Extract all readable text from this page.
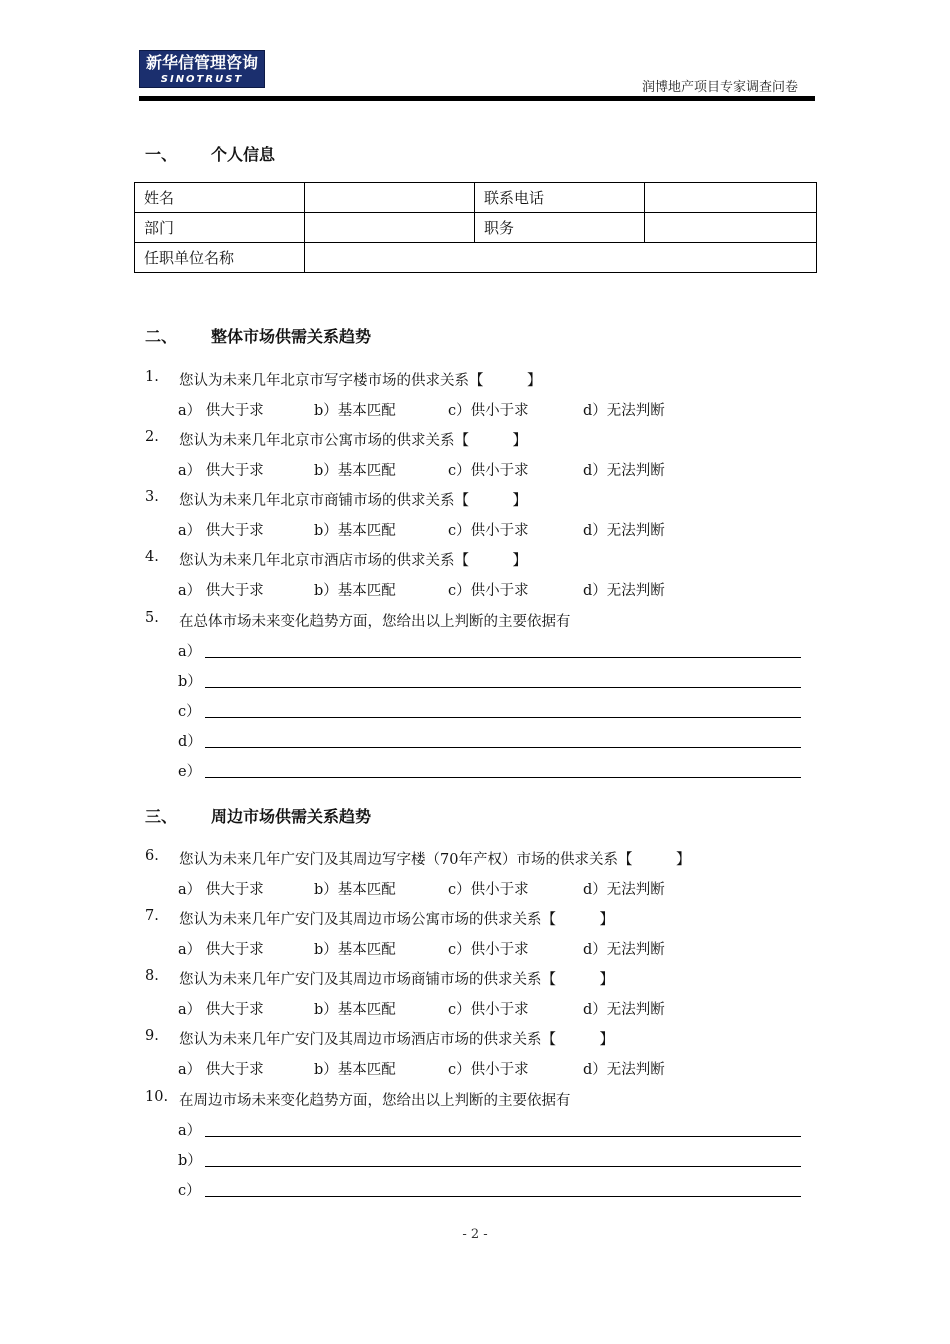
新华信管理咨询
SINOTRUST
润博地产项目专家调查问卷
一、 个人信息
姓名		联系电话	
部门		职务	
任职单位名称			
二、 整体市场供需关系趋势
1. 您认为未来几年北京市写字楼市场的供求关系【　　　】
a） 供大于求	b）基本匹配	c）供小于求	d）无法判断
2. 您认为未来几年北京市公寓市场的供求关系【　　　】
a） 供大于求	b）基本匹配	c）供小于求	d）无法判断
3. 您认为未来几年北京市商铺市场的供求关系【　　　】
a） 供大于求	b）基本匹配	c）供小于求	d）无法判断
4. 您认为未来几年北京市酒店市场的供求关系【　　　】
a） 供大于求	b）基本匹配	c）供小于求	d）无法判断
5. 在总体市场未来变化趋势方面，您给出以上判断的主要依据有
a）
b）
c）
d）
e）
三、 周边市场供需关系趋势
6. 您认为未来几年广安门及其周边写字楼（70年产权）市场的供求关系【　　　】
a） 供大于求	b）基本匹配	c）供小于求	d）无法判断
7. 您认为未来几年广安门及其周边市场公寓市场的供求关系【　　　】
a） 供大于求	b）基本匹配	c）供小于求	d）无法判断
8. 您认为未来几年广安门及其周边市场商铺市场的供求关系【　　　】
a） 供大于求	b）基本匹配	c）供小于求	d）无法判断
9. 您认为未来几年广安门及其周边市场酒店市场的供求关系【　　　】
a） 供大于求	b）基本匹配	c）供小于求	d）无法判断
10. 在周边市场未来变化趋势方面，您给出以上判断的主要依据有
a）
b）
c）
- 2 -
